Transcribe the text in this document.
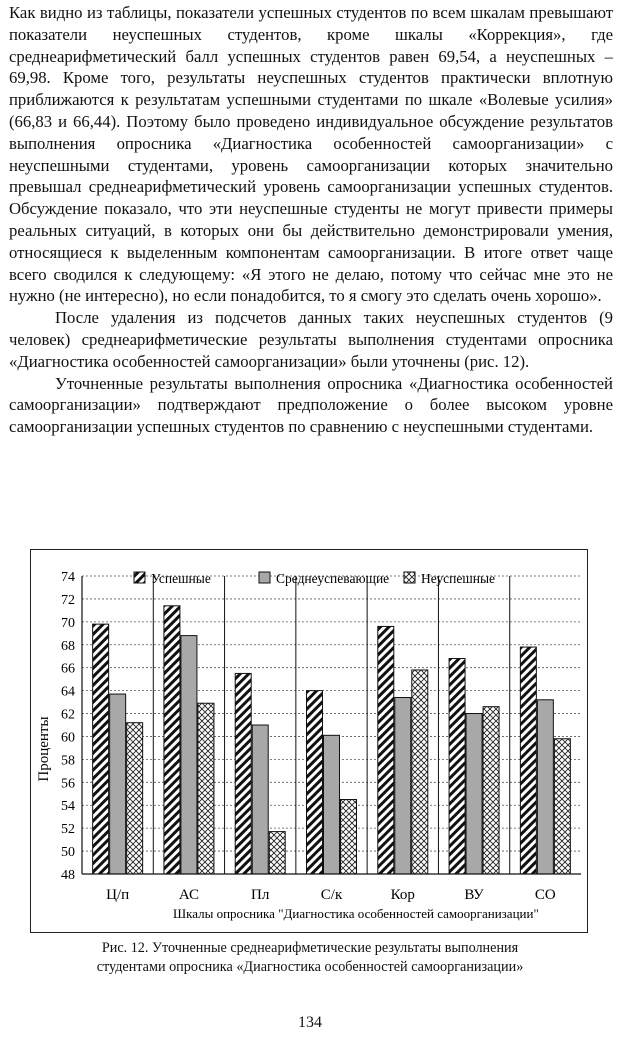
Как видно из таблицы, показатели успешных студентов по всем шкалам превышают показатели неуспешных студентов, кроме шкалы «Коррекция», где среднеарифметический балл успешных студентов равен 69,54, а неуспешных – 69,98. Кроме того, результаты неуспешных студентов практически вплотную приближаются к результатам успешными студентами по шкале «Волевые усилия» (66,83 и 66,44). Поэтому было проведено индивидуальное обсуждение результатов выполнения опросника «Диагностика особенностей самоорганизации» с неуспешными студентами, уровень самоорганизации которых значительно превышал среднеарифметический уровень самоорганизации успешных студентов. Обсуждение показало, что эти неуспешные студенты не могут привести примеры реальных ситуаций, в которых они бы действительно демонстрировали умения, относящиеся к выделенным компонентам самоорганизации. В итоге ответ чаще всего сводился к следующему: «Я этого не делаю, потому что сейчас мне это не нужно (не интересно), но если понадобится, то я смогу это сделать очень хорошо».

После удаления из подсчетов данных таких неуспешных студентов (9 человек) среднеарифметические результаты выполнения студентами опросника «Диагностика особенностей самоорганизации» были уточнены (рис. 12).

Уточненные результаты выполнения опросника «Диагностика особенностей самоорганизации» подтверждают предположение о более высоком уровне самоорганизации успешных студентов по сравнению с неуспешными студентами.

48
50
52
54
56
58
60
62
64
66
68
70
72
74
Ц/п	АС	Пл	С/к	Кор	ВУ	СО
Успешные	Среднеуспевающие Неуспешные
Проценты
Шкалы опросника "Диагностика особенностей самоорганизации"
Рис. 12. Уточненные среднеарифметические результаты выполнения
студентами опросника «Диагностика особенностей самоорганизации»
134
